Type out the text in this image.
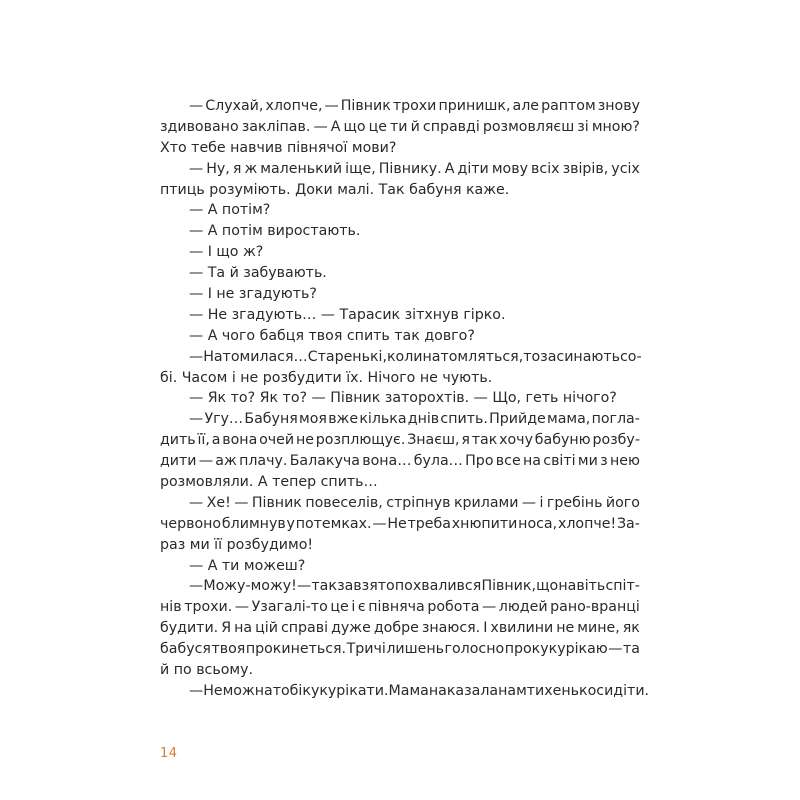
— Слухай, хлопче, — Півник трохи принишк, але раптом знову
здивовано закліпав. — А що це ти й справді розмовляєш зі мною?
Хто тебе навчив півнячої мови?
— Ну, я ж маленький іще, Півнику. А діти мову всіх звірів, усіх
птиць розуміють. Доки малі. Так бабуня каже.
— А потім?
— А потім виростають.
— І що ж?
— Та й забувають.
— І не згадують?
— Не згадують… — Тарасик зітхнув гірко.
— А чого бабця твоя спить так довго?
— Натомилася… Старенькі, коли натомляться, то засинають со-
бі. Часом і не розбудити їх. Нічого не чують.
— Як то? Як то? — Півник заторохтів. — Що, геть нічого?
— Угу… Бабуня моя вже кілька днів спить. Прийде мама, погла-
дить її, а вона очей не розплющує. Знаєш, я так хочу бабуню розбу-
дити — аж плачу. Балакуча вона… була… Про все на світі ми з нею
розмовляли. А тепер спить…
— Хе! — Півник повеселів, стріпнув крилами — і гребінь його
червоно блимнув у потемках. — Не треба хнюпити носа, хлопче! За-
раз ми її розбудимо!
— А ти можеш?
— Можу-можу! — так завзято похвалився Півник, що навіть спіт-
нів трохи. — Узагалі-то це і є півняча робота — людей рано-вранці
будити. Я на цій справі дуже добре знаюся. І хвилини не мине, як
бабуся твоя прокинеться. Тричі лишень голосно прокукурікаю — та
й по всьому.
— Не можна тобі кукурікати. Мама наказала нам тихенько сидіти.
14
